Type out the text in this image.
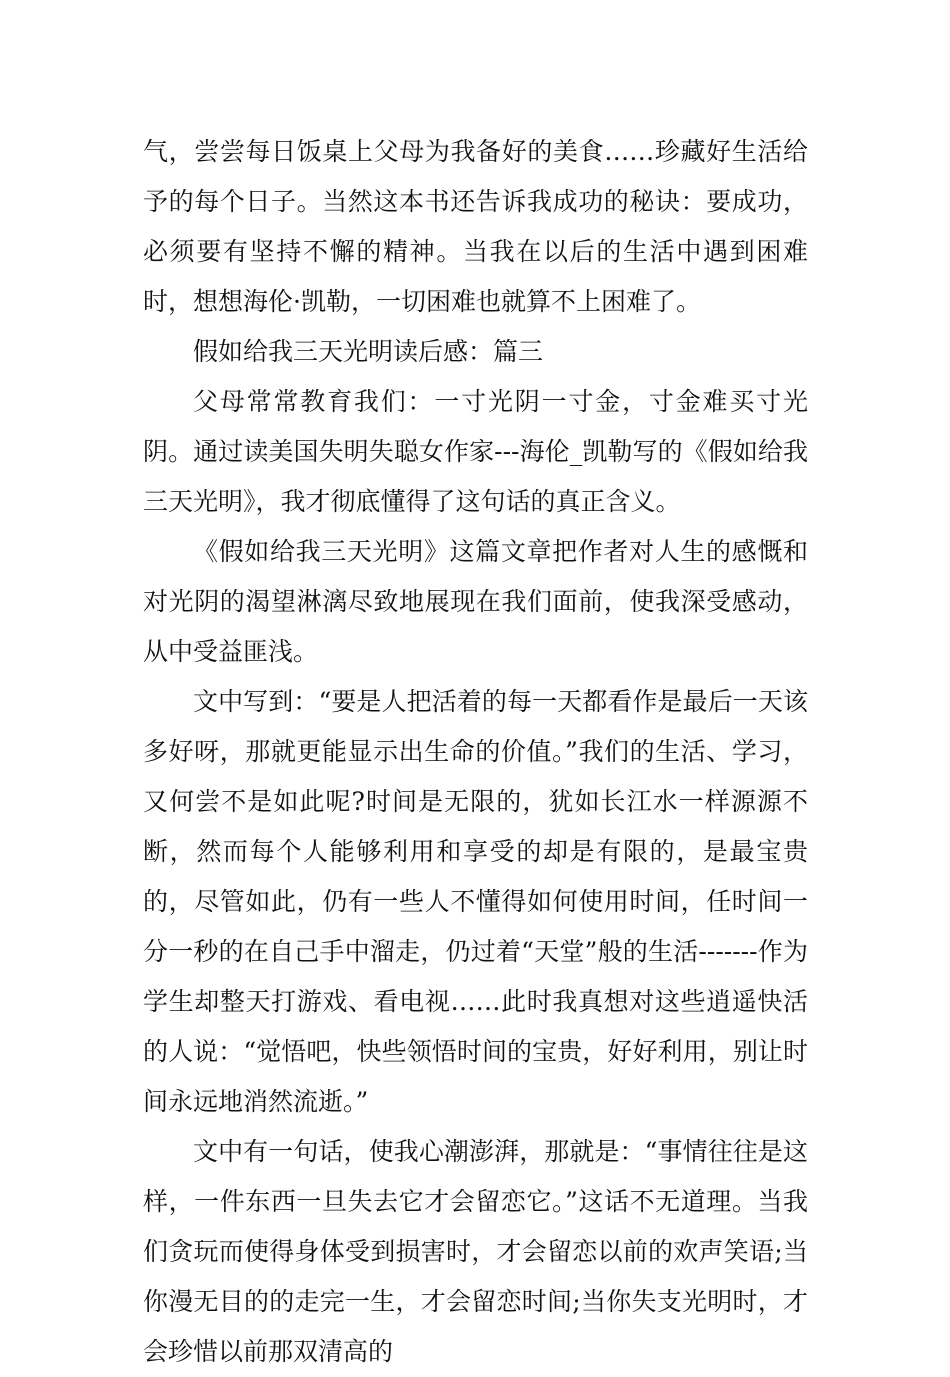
气，尝尝每日饭桌上父母为我备好的美食……珍藏好生活给予的每个日子。当然这本书还告诉我成功的秘诀：要成功，必须要有坚持不懈的精神。当我在以后的生活中遇到困难时，想想海伦·凯勒，一切困难也就算不上困难了。

假如给我三天光明读后感：篇三

父母常常教育我们：一寸光阴一寸金，寸金难买寸光阴。通过读美国失明失聪女作家---海伦_凯勒写的《假如给我三天光明》，我才彻底懂得了这句话的真正含义。

《假如给我三天光明》这篇文章把作者对人生的感慨和对光阴的渴望淋漓尽致地展现在我们面前，使我深受感动，从中受益匪浅。

文中写到：“要是人把活着的每一天都看作是最后一天该多好呀，那就更能显示出生命的价值。”我们的生活、学习，又何尝不是如此呢?时间是无限的，犹如长江水一样源源不断，然而每个人能够利用和享受的却是有限的，是最宝贵的，尽管如此，仍有一些人不懂得如何使用时间，任时间一分一秒的在自己手中溜走，仍过着“天堂”般的生活-------作为学生却整天打游戏、看电视……此时我真想对这些逍遥快活的人说：“觉悟吧，快些领悟时间的宝贵，好好利用，别让时间永远地消然流逝。”

文中有一句话，使我心潮澎湃，那就是：“事情往往是这样，一件东西一旦失去它才会留恋它。”这话不无道理。当我们贪玩而使得身体受到损害时，才会留恋以前的欢声笑语;当你漫无目的的走完一生，才会留恋时间;当你失支光明时，才会珍惜以前那双清高的
